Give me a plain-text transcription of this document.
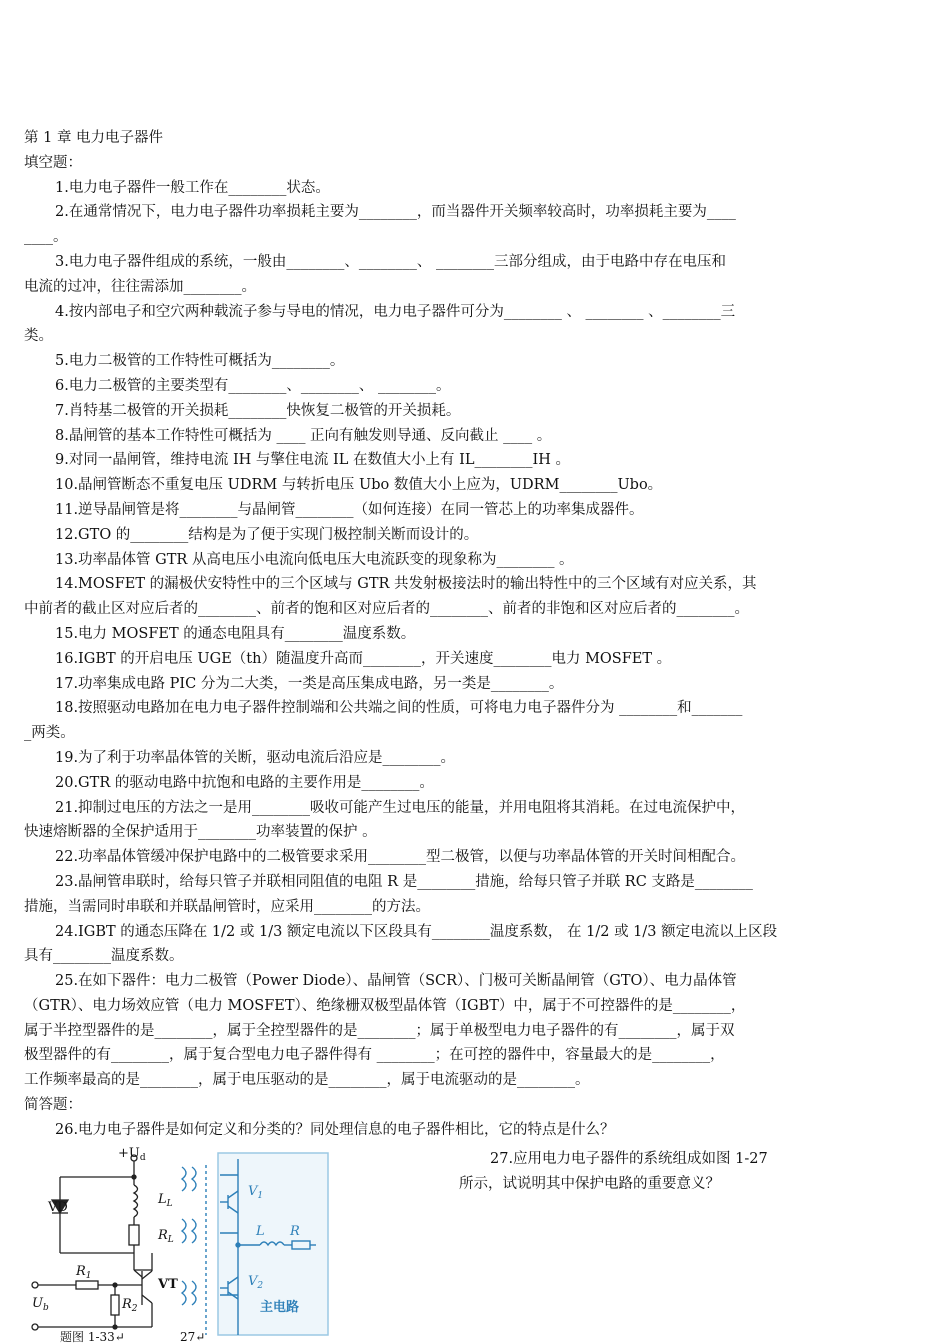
第 1 章 电力电子器件
填空题：
1.电力电子器件一般工作在________状态。
2.在通常情况下，电力电子器件功率损耗主要为________，而当器件开关频率较高时，功率损耗主要为____
____。
3.电力电子器件组成的系统，一般由________、________、 ________三部分组成，由于电路中存在电压和
电流的过冲，往往需添加________。
4.按内部电子和空穴两种载流子参与导电的情况，电力电子器件可分为________ 、 ________ 、________三
类。
5.电力二极管的工作特性可概括为________。
6.电力二极管的主要类型有________、________、 ________。
7.肖特基二极管的开关损耗________快恢复二极管的开关损耗。
8.晶闸管的基本工作特性可概括为 ____ 正向有触发则导通、反向截止 ____ 。
9.对同一晶闸管，维持电流 IH 与擎住电流 IL 在数值大小上有 IL________IH 。
10.晶闸管断态不重复电压 UDRM 与转折电压 Ubo 数值大小上应为，UDRM________Ubo。
11.逆导晶闸管是将________与晶闸管________（如何连接）在同一管芯上的功率集成器件。
12.GTO 的________结构是为了便于实现门极控制关断而设计的。
13.功率晶体管 GTR 从高电压小电流向低电压大电流跃变的现象称为________ 。
14.MOSFET 的漏极伏安特性中的三个区域与 GTR 共发射极接法时的输出特性中的三个区域有对应关系，其
中前者的截止区对应后者的________、前者的饱和区对应后者的________、前者的非饱和区对应后者的________。
15.电力 MOSFET 的通态电阻具有________温度系数。
16.IGBT 的开启电压 UGE（th）随温度升高而________，开关速度________电力 MOSFET 。
17.功率集成电路 PIC 分为二大类，一类是高压集成电路，另一类是________。
18.按照驱动电路加在电力电子器件控制端和公共端之间的性质，可将电力电子器件分为 ________和_______
_两类。
19.为了利于功率晶体管的关断，驱动电流后沿应是________。
20.GTR 的驱动电路中抗饱和电路的主要作用是________。
21.抑制过电压的方法之一是用________吸收可能产生过电压的能量，并用电阻将其消耗。在过电流保护中，
快速熔断器的全保护适用于________功率装置的保护 。
22.功率晶体管缓冲保护电路中的二极管要求采用________型二极管，以便与功率晶体管的开关时间相配合。
23.晶闸管串联时，给每只管子并联相同阻值的电阻 R 是________措施，给每只管子并联 RC 支路是________
措施，当需同时串联和并联晶闸管时，应采用________的方法。
24.IGBT 的通态压降在 1/2 或 1/3 额定电流以下区段具有________温度系数， 在 1/2 或 1/3 额定电流以上区段
具有________温度系数。
25.在如下器件：电力二极管（Power Diode）、晶闸管（SCR）、门极可关断晶闸管（GTO）、电力晶体管
（GTR）、电力场效应管（电力 MOSFET）、绝缘栅双极型晶体管（IGBT）中，属于不可控器件的是________，
属于半控型器件的是________，属于全控型器件的是________；属于单极型电力电子器件的有________，属于双
极型器件的有________，属于复合型电力电子器件得有 ________；在可控的器件中，容量最大的是________，
工作频率最高的是________，属于电压驱动的是________，属于电流驱动的是________。
简答题：
26.电力电子器件是如何定义和分类的？同处理信息的电子器件相比，它的特点是什么？
27.应用电力电子器件的系统组成如图 1-27
所示，试说明其中保护电路的重要意义？
$+U_d$
VD
$L_L$
$R_L$
$R_1$
$R_2$
VT
$U_b$
题图 1-33↵	27↵
$V_1$
L R
$V_2$
主电路
